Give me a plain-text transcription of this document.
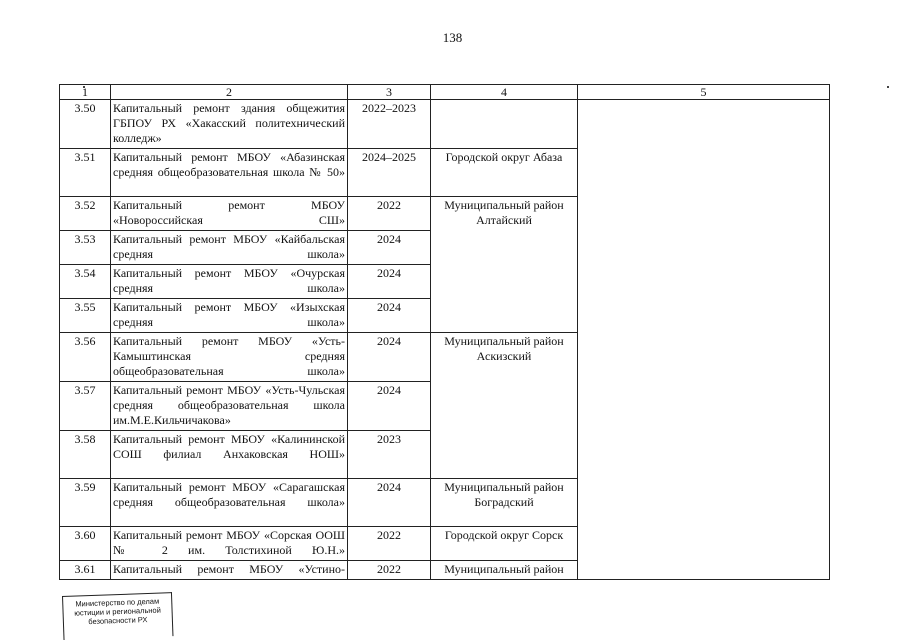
138
1	2	3	4	5
3.50	Капитальный ремонт здания общежития ГБПОУ РХ «Хакасский политехнический колледж»	2022–2023		
3.51	Капитальный ремонт МБОУ «Абазинская средняя общеобразовательная школа № 50»	2024–2025	Городской округ Абаза	
3.52	Капитальный ремонт МБОУ «Новороссийская СШ»	2022	Муниципальный район Алтайский	
3.53	Капитальный ремонт МБОУ «Кайбальская средняя школа»	2024		
3.54	Капитальный ремонт МБОУ «Очурская средняя школа»	2024		
3.55	Капитальный ремонт МБОУ «Изыхская средняя школа»	2024		
3.56	Капитальный ремонт МБОУ «Усть-Камыштинская средняя общеобразовательная школа»	2024	Муниципальный район Аскизский	
3.57	Капитальный ремонт МБОУ «Усть-Чульская средняя общеобразовательная школа им.М.Е.Кильчичакова»	2024		
3.58	Капитальный ремонт МБОУ «Калининской СОШ филиал Анхаковская НОШ»	2023		
3.59	Капитальный ремонт МБОУ «Сарагашская средняя общеобразовательная школа»	2024	Муниципальный район Боградский	
3.60	Капитальный ремонт МБОУ «Сорская ООШ № 2 им. Толстихиной Ю.Н.»	2022	Городской округ Сорск	
3.61	Капитальный ремонт МБОУ «Устино-	2022	Муниципальный район	
Министерство по делам
юстиции и региональной
безопасности РХ
